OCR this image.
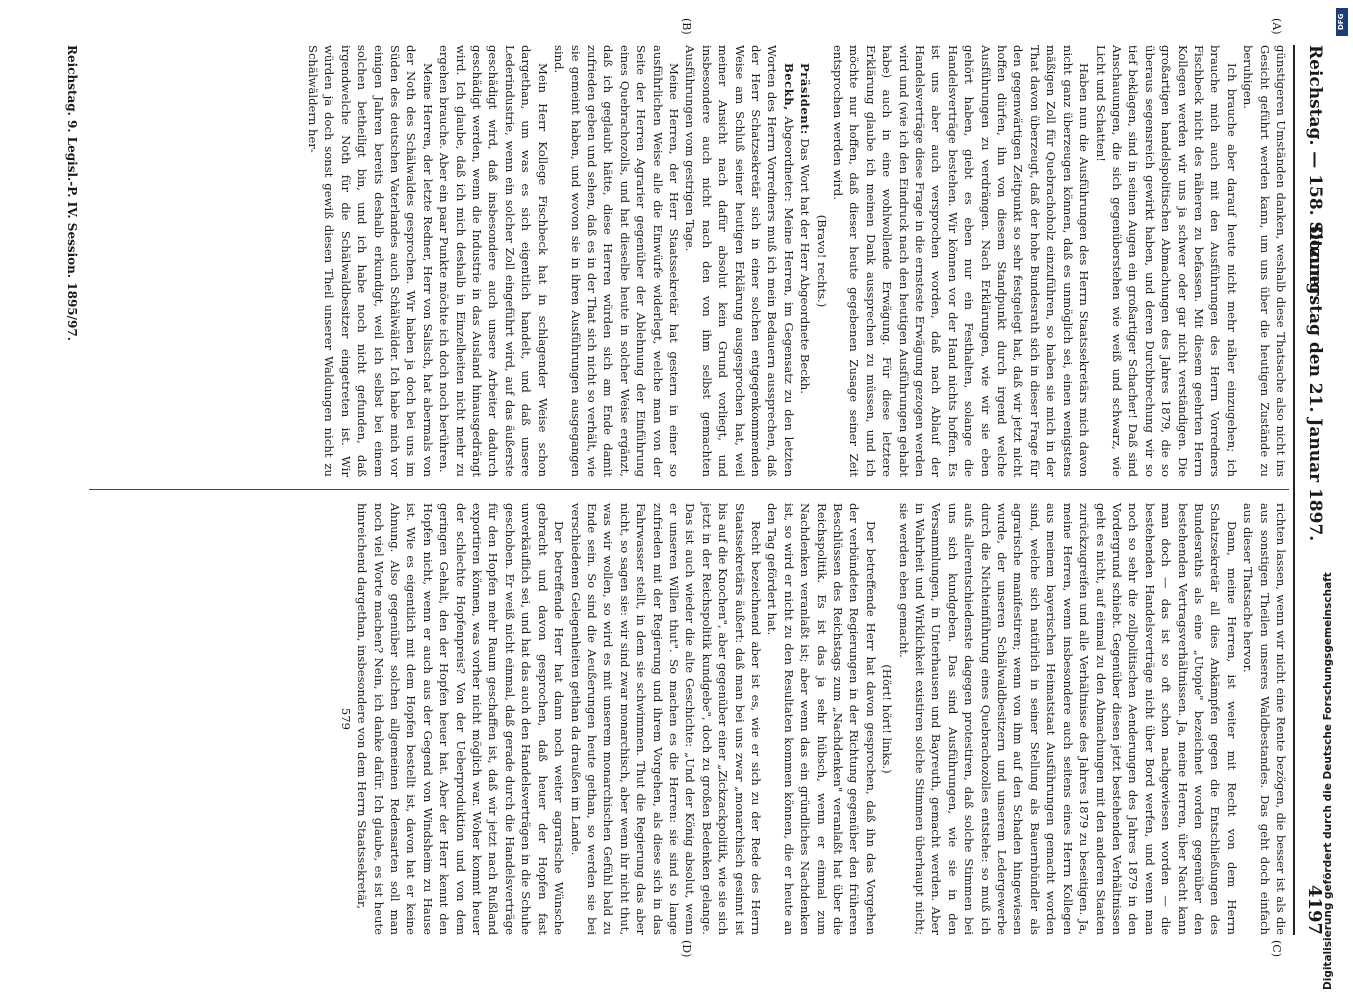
Reichstag. — 158. Sitzung.
Donnerstag den 21. Januar 1897.
4197
(A)
(B)
(C)
(D)

günstigeren Umständen danken, weshalb diese Thatsache also nicht ins Gesicht geführt werden kann, um uns über die heutigen Zustände zu beruhigen.

Ich brauche aber darauf heute nicht mehr näher einzugehen; ich brauche mich auch mit den Ausführungen des Herrn Vorredners Fischbeck nicht des näheren zu befassen. Mit diesem geehrten Herrn Kollegen werden wir uns ja schwer oder gar nicht verständigen. Die großartigen handelspolitischen Abmachungen des Jahres 1879, die so überaus segensreich gewirkt haben, und deren Durchbrechung wir so tief beklagen, sind in seinen Augen ein großartiger Schacher! Daß sind Anschauungen, die sich gegenüberstehen wie weiß und schwarz, wie Licht und Schatten!

Haben nun die Ausführungen des Herrn Staatssekretärs mich davon nicht ganz überzeugen können, daß es unmöglich sei, einen wenigstens mäßigen Zoll für Quebrachoholz einzuführen, so haben sie mich in der That davon überzeugt, daß der hohe Bundesrath sich in dieser Frage für den gegenwärtigen Zeitpunkt so sehr festgelegt hat, daß wir jetzt nicht hoffen dürfen, ihn von diesem Standpunkt durch irgend welche Ausführungen zu verdrängen. Nach Erklärungen, wie wir sie eben gehört haben, giebt es eben nur ein Festhalten, solange die Handelsverträge bestehen. Wir können vor der Hand nichts hoffen. Es ist uns aber auch versprochen worden, daß nach Ablauf der Handelsverträge diese Frage in die ernsteste Erwägung gezogen werden wird und (wie ich den Eindruck nach den heutigen Ausführungen gehabt habe) auch in eine wohlwollende Erwägung. Für diese letztere Erklärung glaube ich meinen Dank aussprechen zu müssen, und ich möchte nur hoffen, daß dieser heute gegebenen Zusage seiner Zeit entsprochen werden wird.

(Bravo! rechts.)

Präsident: Das Wort hat der Herr Abgeordnete Beckh.

Beckh, Abgeordneter: Meine Herren, im Gegensatz zu den letzten Worten des Herrn Vorredners muß ich mein Bedauern aussprechen, daß der Herr Schatzsekretär sich in einer solchen entgegenkommenden Weise am Schluß seiner heutigen Erklärung ausgesprochen hat, weil meiner Ansicht nach dafür absolut kein Grund vorliegt, und insbesondere auch nicht nach den von ihm selbst gemachten Ausführungen vom gestrigen Tage.

Meine Herren, der Herr Staatssekretär hat gestern in einer so ausführlichen Weise alle die Einwürfe widerlegt, welche man von der Seite der Herren Agrarier gegenüber der Ablehnung der Einführung eines Quebrachozolls, und hat dieselbe heute in solcher Weise ergänzt, daß ich geglaubt hätte, diese Herren würden sich am Ende damit zufrieden geben und sehen, daß es in der That sich nicht so verhält, wie sie gemeint haben, und wovon sie in ihren Ausführungen ausgegangen sind.

Mein Herr Kollege Fischbeck hat in schlagender Weise schon dargethan, um was es sich eigentlich handelt, und daß unsere Lederindustrie, wenn ein solcher Zoll eingeführt wird, auf das äußerste geschädigt wird, daß insbesondere auch unsere Arbeiter dadurch geschädigt werden, wenn die Industrie in das Ausland hinausgedrängt wird. Ich glaube, daß ich mich deshalb in Einzelheiten nicht mehr zu ergehen brauche. Aber ein paar Punkte möchte ich doch noch berühren.

Meine Herren, der letzte Redner, Herr von Salisch, hat abermals von der Noth des Schälwaldes gesprochen. Wir haben ja doch bei uns im Süden des deutschen Vaterlandes auch Schälwälder. Ich habe mich vor einigen Jahren bereits deshalb erkundigt, weil ich selbst bei einem solchen betheiligt bin, und ich habe noch nicht gefunden, daß irgendwelche Noth für die Schälwaldbesitzer eingetreten ist. Wir würden ja doch sonst gewiß diesen Theil unserer Waldungen nicht zu Schälwäldern her-

richten lassen, wenn wir nicht eine Rente bezögen, die besser ist als die aus sonstigen Theilen unseres Waldbestandes. Das geht doch einfach aus dieser Thatsache hervor.

Dann, meine Herren, ist weiter mit Recht von dem Herrn Schatzsekretär all dies Ankämpfen gegen die Entschließungen des Bundesraths als eine „Utopie" bezeichnet worden gegenüber den bestehenden Vertragsverhältnissen. Ja, meine Herren, über Nacht kann man doch — das ist so oft schon nachgewiesen worden — die bestehenden Handelsverträge nicht über Bord werfen, und wenn man noch so sehr die zollpolitischen Aenderungen des Jahres 1879 in den Vordergrund schiebt. Gegenüber diesen jetzt bestehenden Verhältnissen geht es nicht, auf einmal zu den Abmachungen mit den anderen Staaten zurückzugreifen und alle Verhältnisse des Jahres 1879 zu beseitigen. Ja, meine Herren, wenn insbesondere auch seitens eines Herrn Kollegen aus meinem bayerischen Heimatstaat Ausführungen gemacht worden sind, welche sich natürlich in seiner Stellung als Bauernbündler als agrarische manifestiren; wenn von ihm auf den Schaden hingewiesen wurde, der unseren Schälwaldbesitzern und unserem Ledergewerbe durch die Nichteinführung eines Quebrachozolles entstehe: so muß ich aufs allerentschiedenste dagegen protestiren, daß solche Stimmen bei uns sich kundgeben. Das sind Ausführungen, wie sie in den Versammlungen, in Unterhausen und Bayreuth, gemacht werden. Aber in Wahrheit und Wirklichkeit existiren solche Stimmen überhaupt nicht; sie werden eben gemacht.

(Hört! hört! links.)

Der betreffende Herr hat davon gesprochen, daß ihn das Vorgehen der verbündeten Regierungen in der Richtung gegenüber den früheren Beschlüssen des Reichstags zum „Nachdenken" veranlaßt hat über die Reichspolitik. Es ist das ja sehr hübsch, wenn er einmal zum Nachdenken veranlaßt ist; aber wenn das ein gründliches Nachdenken ist, so wird er nicht zu den Resultaten kommen können, die er heute an den Tag gefördert hat.

Recht bezeichnend aber ist es, wie er sich zu der Rede des Herrn Staatssekretärs äußert: daß man bei uns zwar „monarchisch gesinnt ist bis auf die Knochen", aber gegenüber einer „Zickzackpolitik, wie sie sich jetzt in der Reichspolitik kundgebe", doch zu großen Bedenken gelange. Das ist auch wieder die alte Geschichte: „Und der König absolut, wenn er unseren Willen thut". So machen es die Herren: sie sind so lange zufrieden mit der Regierung und ihrem Vorgehen, als diese sich in das Fahrwasser stellt, in dem sie schwimmen. Thut die Regierung das aber nicht, so sagen sie: wir sind zwar monarchisch, aber wenn ihr nicht thut, was wir wollen, so wird es mit unserem monarchischen Gefühl bald zu Ende sein. So sind die Aeußerungen heute gethan, so werden sie bei verschiedenen Gelegenheiten gethan da draußen im Lande.

Der betreffende Herr hat dann noch weiter agrarische Wünsche gebracht und davon gesprochen, daß heuer der Hopfen fast unverkäuflich sei, und hat das auch den Handelsverträgen in die Schuhe geschoben. Er weiß nicht einmal, daß gerade durch die Handelsverträge für den Hopfen mehr Raum geschaffen ist, daß wir jetzt nach Rußland exportiren können, was vorher nicht möglich war. Woher kommt heuer der schlechte Hopfenpreis? Von der Ueberproduktion und von dem geringen Gehalt, den der Hopfen heuer hat. Aber der Herr kennt den Hopfen nicht, wenn er auch aus der Gegend von Windsheim zu Hause ist. Wie es eigentlich mit dem Hopfen bestellt ist, davon hat er keine Ahnung. Also gegenüber solchen allgemeinen Redensarten soll man noch viel Worte machen? Nein, ich danke dafür. Ich glaube, es ist heute hinreichend dargethan, insbesondere von dem Herrn Staatssekretär,

579

Reichstag. 9. Legisl.-P. IV. Session. 1895/97.
Digitalisierung gefördert durch die Deutsche Forschungsgemeinschaft
DFG
